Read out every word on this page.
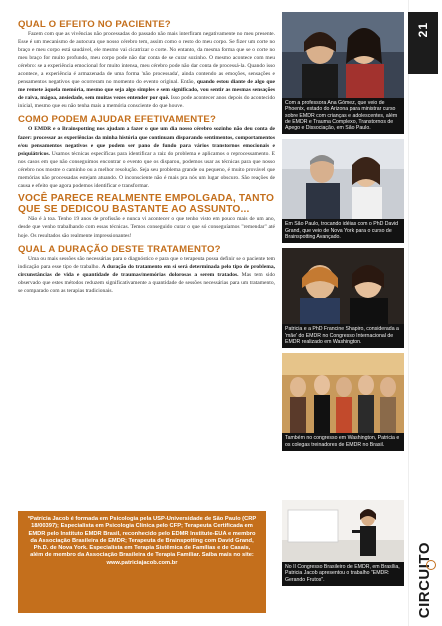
QUAL O EFEITO NO PACIENTE?

Fazem com que as vivências não processadas do passado não mais interfiram negativamente no meu presente. Esse é um mecanismo de autocura que nosso cérebro tem, assim como o resto do meu corpo. Se fizer um corte no braço e meu corpo está saudável, ele mesmo vai cicatrizar o corte. No entanto, da mesma forma que se o corte no meu braço for muito profundo, meu corpo pode não dar conta de se curar sozinho. O mesmo acontece com meu cérebro: se a experiência emocional for muito intensa, meu cérebro pode não dar conta de processá-la. Quando isso acontece, a experiência é armazenada de uma forma 'não processada', ainda contendo as emoções, sensações e pensamentos negativos que ocorreram no momento do evento original. Então, quando estou diante de algo que me remete àquela memória, mesmo que seja algo simples e sem significado, vou sentir as mesmas sensações de raiva, mágoa, ansiedade, sem muitas vezes entender por quê. Isso pode acontecer anos depois do acontecido inicial, mesmo que eu não tenha mais a memória consciente do que houve.

COMO PODEM AJUDAR EFETIVAMENTE?

O EMDR e o Brainspotting nos ajudam a fazer o que um dia nosso cérebro sozinho não deu conta de fazer: processar as experiências da minha história que continuam disparando sentimentos, comportamentos e/ou pensamentos negativos e que podem ser pano de fundo para vários transtornos emocionais e psiquiátricos. Usamos técnicas específicas para identificar a raiz do problema e aplicamos o reprocessamento. E nos casos em que não conseguimos encontrar o evento que os disparou, podemos usar as técnicas para que nosso cérebro nos mostre o caminho ou a melhor resolução. Seja seu problema grande ou pequeno, é muito provável que memórias não processadas estejam atuando. O inconsciente não é mais pra nós um lugar obscuro. São reações de causa e efeito que agora podemos identificar e transformar.

VOCÊ PARECE REALMENTE EMPOLGADA, TANTO QUE SE DEDICOU BASTANTE AO ASSUNTO...

Não é à toa. Tenho 19 anos de profissão e nunca vi acontecer o que tenho visto em pouco mais de um ano, desde que venho trabalhando com essas técnicas. Temos conseguido curar o que só conseguíamos "remendar" até hoje. Os resultados são realmente impressionantes!

QUAL A DURAÇÃO DESTE TRATAMENTO?

Uma ou mais sessões são necessárias para o diagnóstico e para que o terapeuta possa definir se o paciente tem indicação para esse tipo de trabalho. A duração do tratamento em si será determinada pelo tipo de problema, circunstâncias de vida e quantidade de traumas/memórias dolorosas a serem tratados. Mas tem sido observado que estes métodos reduzem significativamente a quantidade de sessões necessárias para um tratamento, se comparado com as terapias tradicionais.

Com a professora Ana Gómez, que veio de Phoenix, estado do Arizona para ministrar curso sobre EMDR com crianças e adolescentes, além de EMDR e Trauma Complexo, Transtornos de Apego e Dissociação, em São Paulo.
Em São Paulo, trocando idéias com o PhD David Grand, que veio de Nova York para o curso de Brainspotting Avançado.
Patricia e a PhD Francine Shapiro, considerada a 'mãe' do EMDR no Congresso Internacional de EMDR realizado em Washington.
Também no congresso em Washington, Patricia e os colegas treinadores de EMDR no Brasil.
No II Congresso Brasileiro de EMDR, em Brasília, Patricia Jacob apresentou o trabalho "EMDR: Gerando Frutos".
*Patrícia Jacob é formada em Psicologia pela USP-Universidade de São Paulo (CRP 18/00397); Especialista em Psicologia Clínica pelo CFP; Terapeuta Certificada em EMDR pelo Instituto EMDR Brasil, reconhecido pelo EDMR Institute-EUA e membro da Associação Brasileira de EMDR; Terapeuta de Brainspotting com David Grand, Ph.D. de Nova York. Especialista em Terapia Sistêmica de Famílias e de Casais, além de membro da Associação Brasileira de Terapia Familiar. Saiba mais no site: www.patriciajacob.com.br
21
CIRCUITO
